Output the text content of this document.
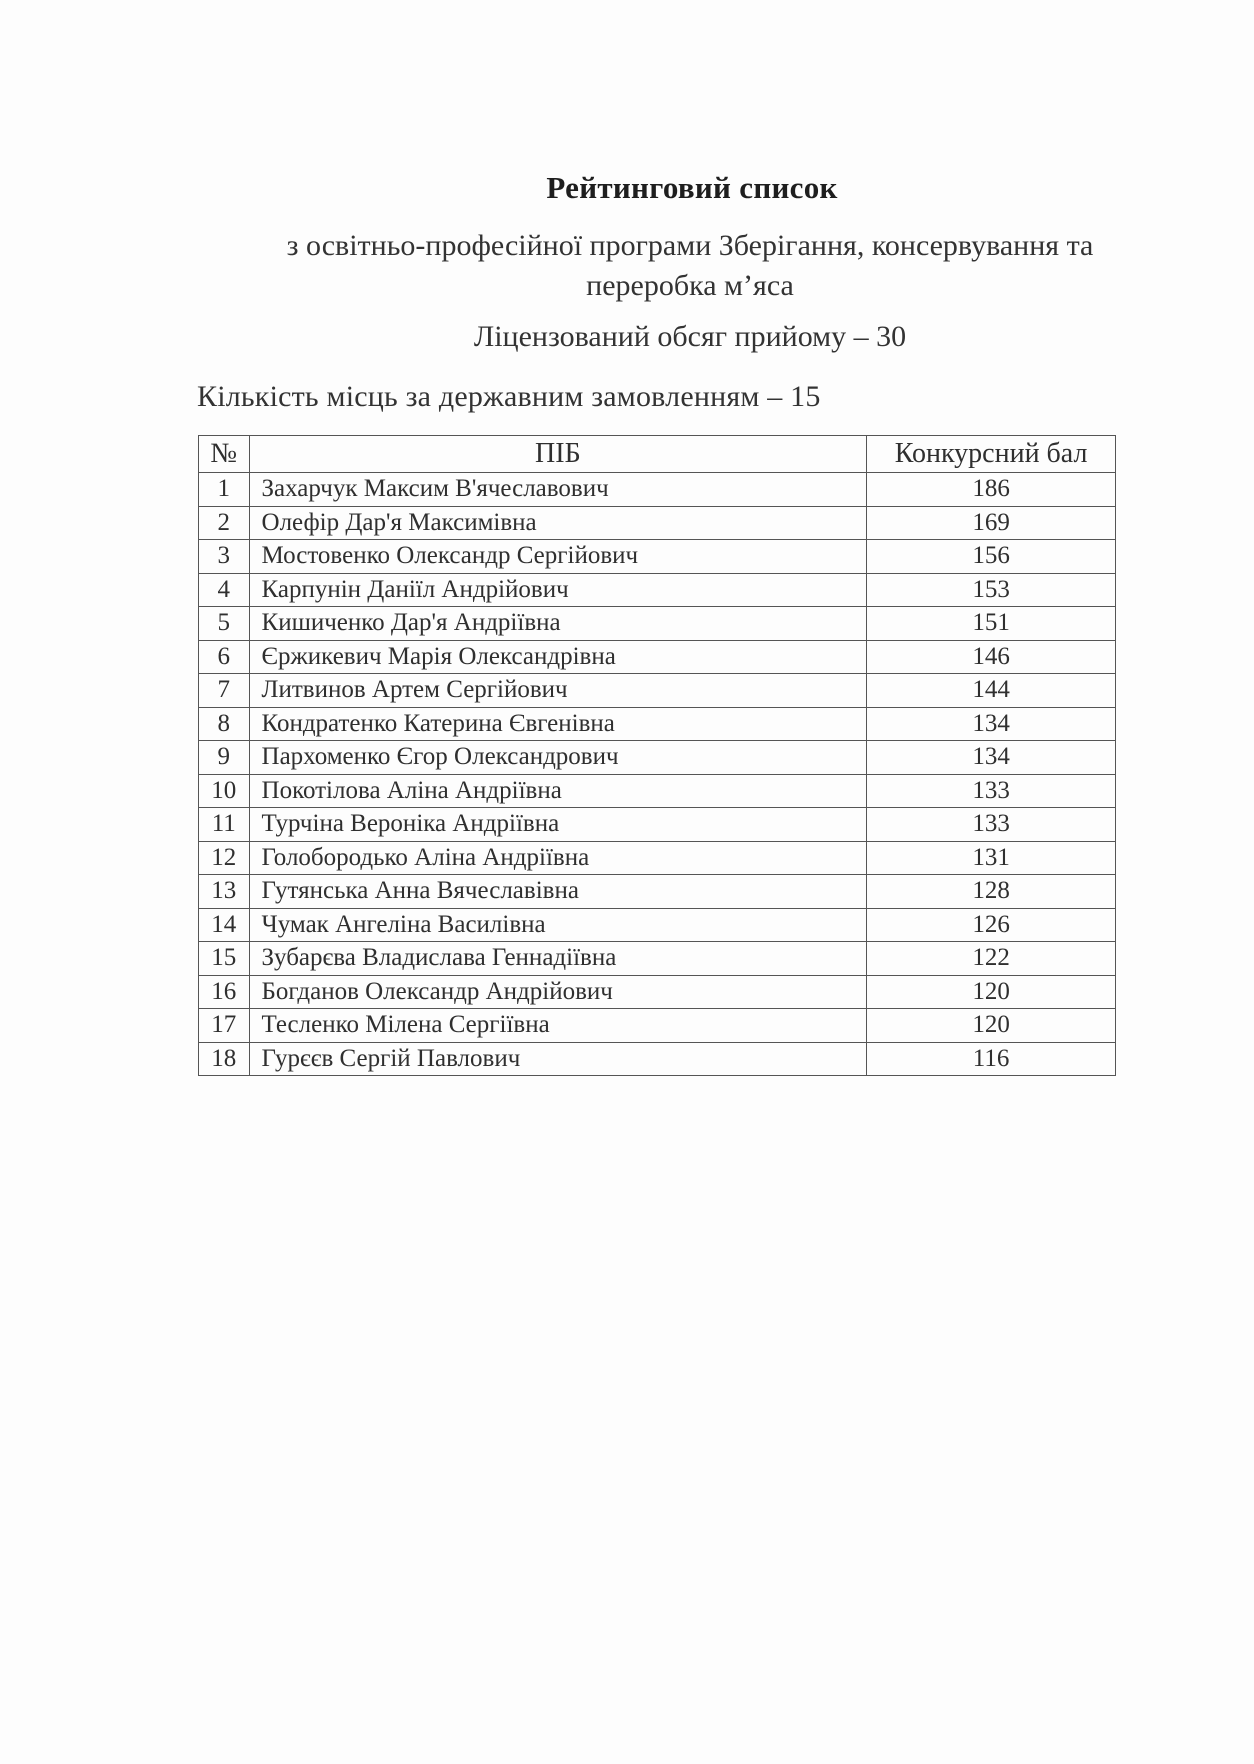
Рейтинговий список
з освітньо-професійної програми Зберігання, консервування та переробка м’яса
Ліцензований обсяг прийому – 30
Кількість місць за державним замовленням – 15
№	ПІБ	Конкурсний бал
1	Захарчук Максим В'ячеславович	186
2	Олефір Дар'я Максимівна	169
3	Мостовенко Олександр Сергійович	156
4	Карпунін Даніїл Андрійович	153
5	Кишиченко Дар'я Андріївна	151
6	Єржикевич Марія Олександрівна	146
7	Литвинов Артем Сергійович	144
8	Кондратенко Катерина Євгенівна	134
9	Пархоменко Єгор Олександрович	134
10	Покотілова Аліна Андріївна	133
11	Турчіна Вероніка Андріївна	133
12	Голобородько Аліна Андріївна	131
13	Гутянська Анна Вячеславівна	128
14	Чумак Ангеліна Василівна	126
15	Зубарєва Владислава Геннадіївна	122
16	Богданов Олександр Андрійович	120
17	Тесленко Мілена Сергіївна	120
18	Гурєєв Сергій Павлович	116
